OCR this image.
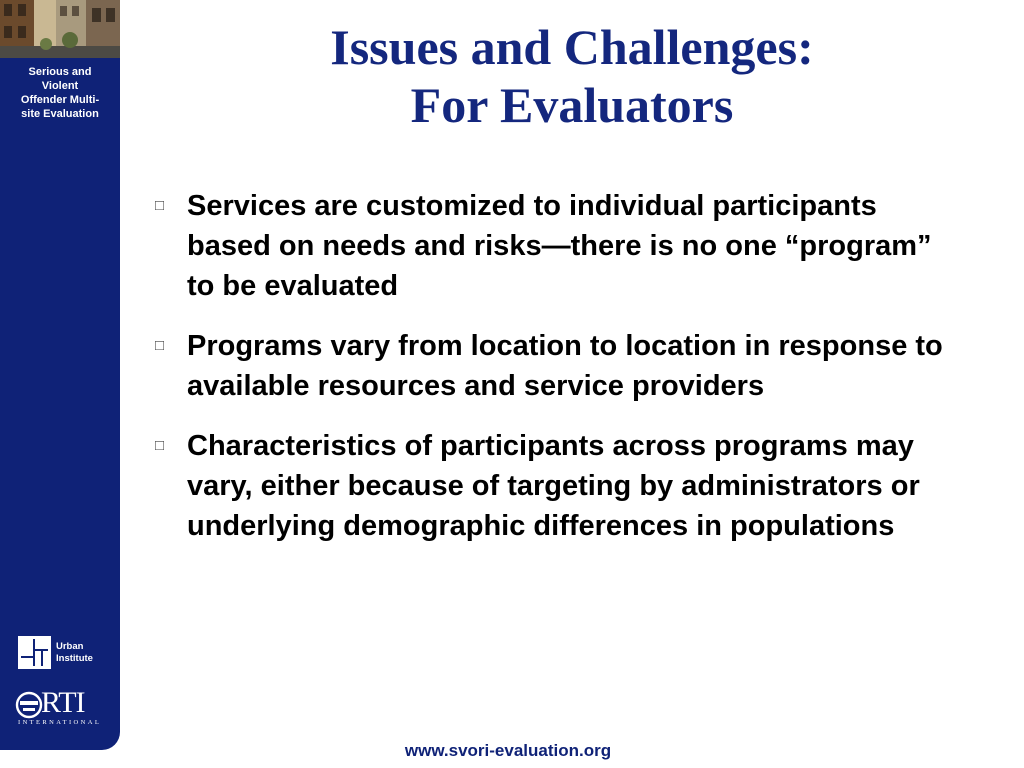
Serious and
Violent
Offender Multi-
site Evaluation
Urban
Institute
RTI
INTERNATIONAL
Issues and Challenges:
For Evaluators
□ Services are customized to individual participants based on needs and risks—there is no one “program” to be evaluated
□ Programs vary from location to location in response to available resources and service providers
□ Characteristics of participants across programs may vary, either because of targeting by administrators or underlying demographic differences in populations
www.svori-evaluation.org
